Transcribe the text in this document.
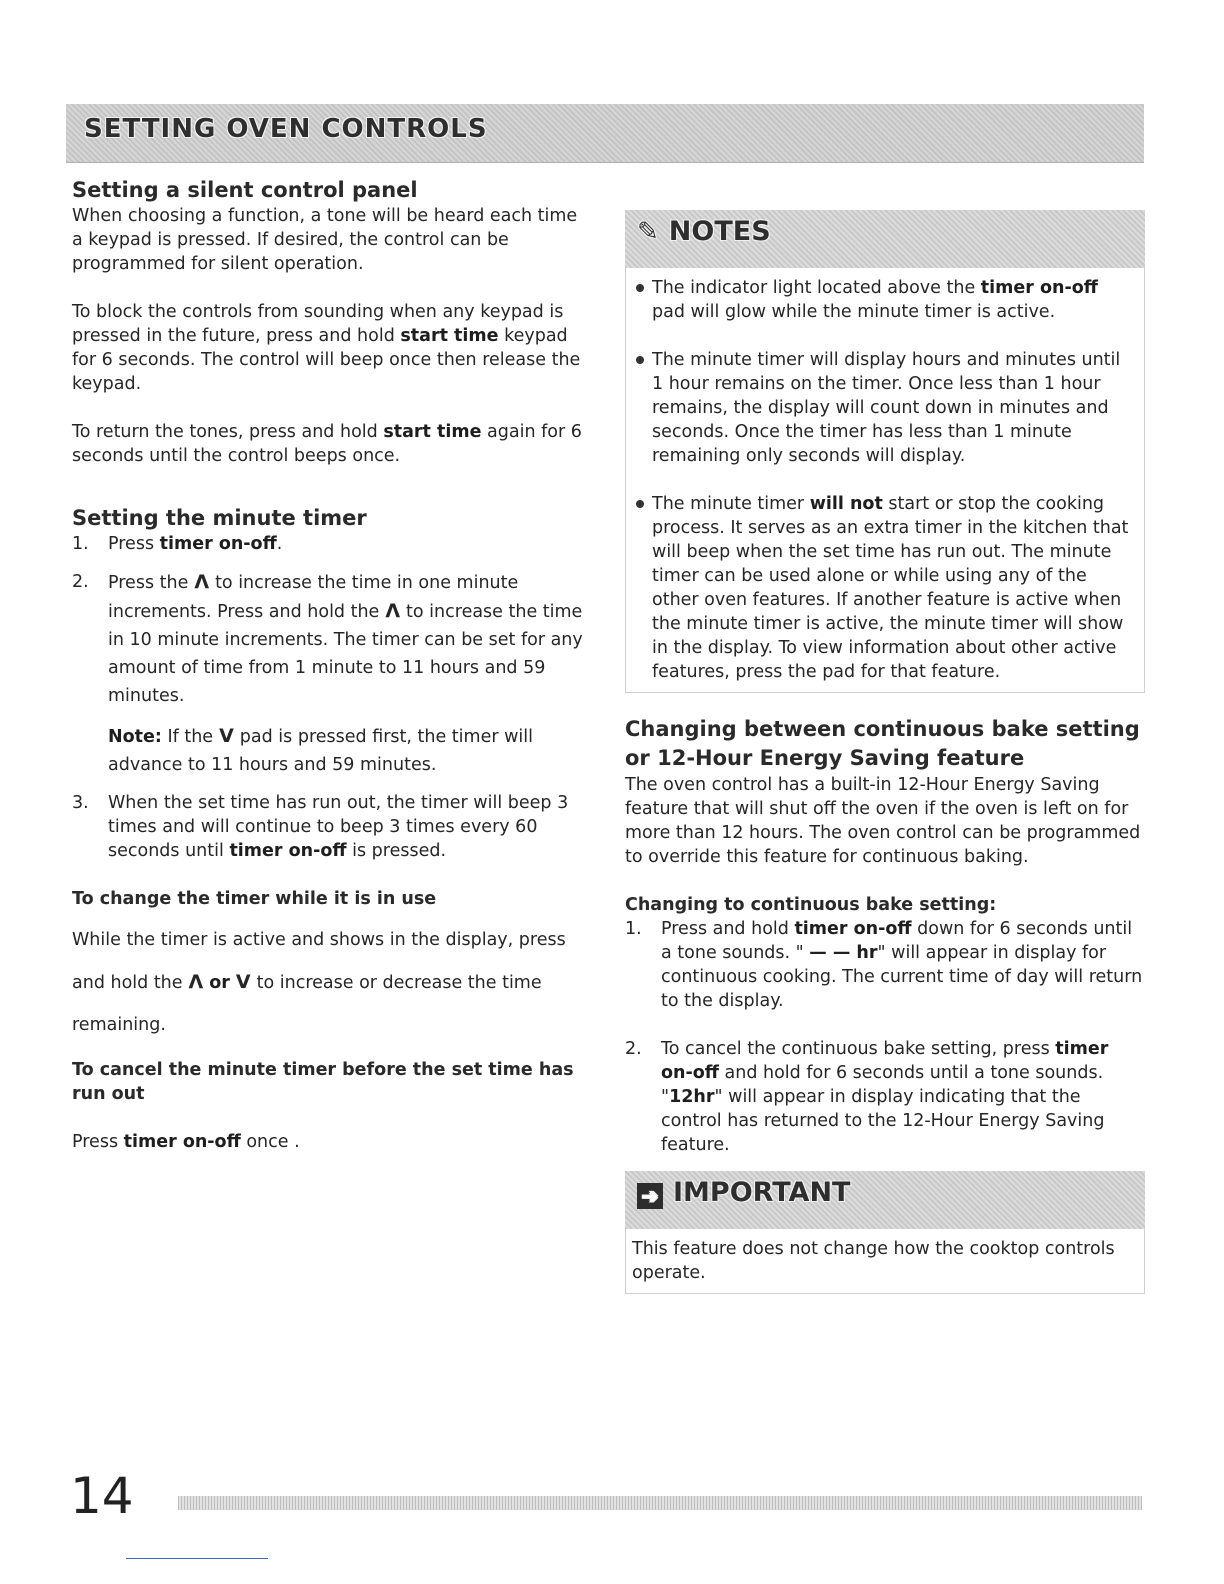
SETTING OVEN CONTROLS
Setting a silent control panel

When choosing a function, a tone will be heard each time a keypad is pressed. If desired, the control can be programmed for silent operation.

To block the controls from sounding when any keypad is pressed in the future, press and hold start time keypad for 6 seconds. The control will beep once then release the keypad.

To return the tones, press and hold start time again for 6 seconds until the control beeps once.

Setting the minute timer
1. Press timer on-off.
2. Press the Λ to increase the time in one minute increments. Press and hold the Λ to increase the time in 10 minute increments. The timer can be set for any amount of time from 1 minute to 11 hours and 59 minutes.

Note: If the V pad is pressed first, the timer will advance to 11 hours and 59 minutes.

3. When the set time has run out, the timer will beep 3 times and will continue to beep 3 times every 60 seconds until timer on-off is pressed.
To change the timer while it is in use

While the timer is active and shows in the display, press and hold the Λ or V to increase or decrease the time remaining.

To cancel the minute timer before the set time has run out

Press timer on-off once .

✎ NOTES
The indicator light located above the timer on-off pad will glow while the minute timer is active.
The minute timer will display hours and minutes until 1 hour remains on the timer. Once less than 1 hour remains, the display will count down in minutes and seconds. Once the timer has less than 1 minute remaining only seconds will display.
The minute timer will not start or stop the cooking process. It serves as an extra timer in the kitchen that will beep when the set time has run out. The minute timer can be used alone or while using any of the other oven features. If another feature is active when the minute timer is active, the minute timer will show in the display. To view information about other active features, press the pad for that feature.
Changing between continuous bake setting or 12-Hour Energy Saving feature

The oven control has a built-in 12-Hour Energy Saving feature that will shut off the oven if the oven is left on for more than 12 hours. The oven control can be programmed to override this feature for continuous baking.

Changing to continuous bake setting:
1. Press and hold timer on-off down for 6 seconds until a tone sounds. " — — hr" will appear in display for continuous cooking. The current time of day will return to the display.
2. To cancel the continuous bake setting, press timer on-off and hold for 6 seconds until a tone sounds. "12hr" will appear in display indicating that the control has returned to the 12-Hour Energy Saving feature.
➔ IMPORTANT

This feature does not change how the cooktop controls operate.

14
